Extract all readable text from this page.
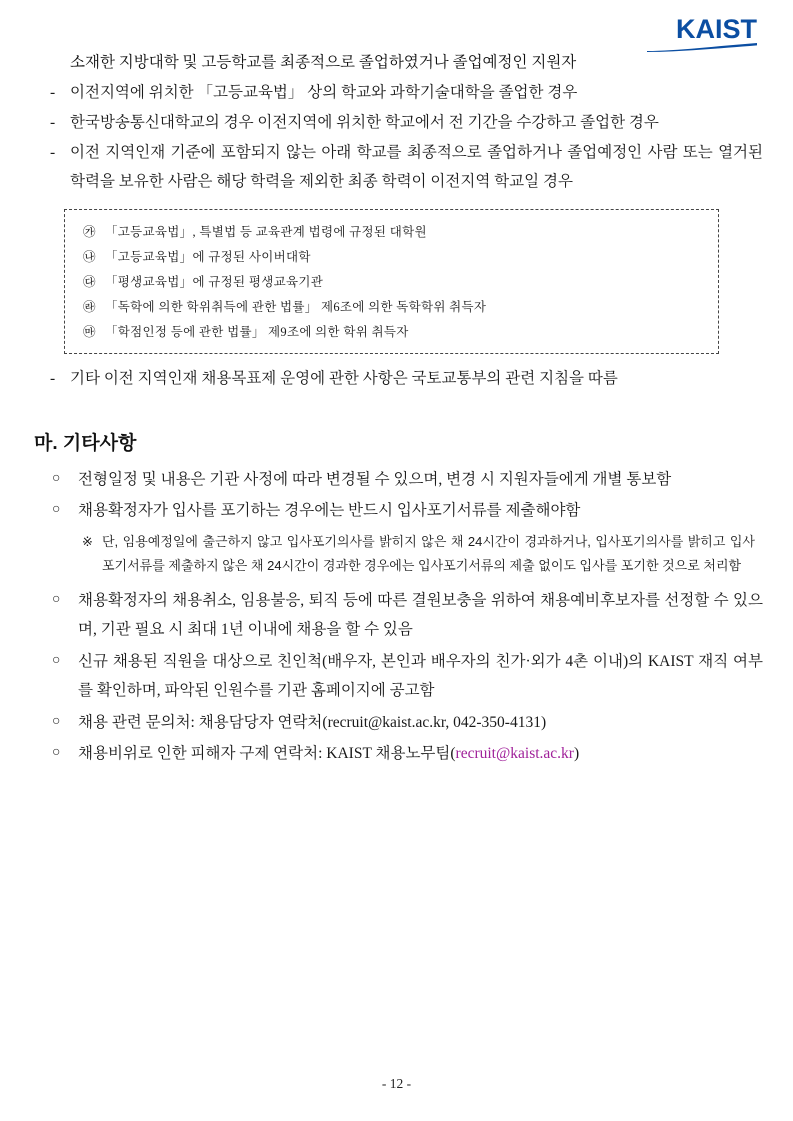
KAIST
소재한 지방대학 및 고등학교를 최종적으로 졸업하였거나 졸업예정인 지원자
- 이전지역에 위치한 「고등교육법」 상의 학교와 과학기술대학을 졸업한 경우
- 한국방송통신대학교의 경우 이전지역에 위치한 학교에서 전 기간을 수강하고 졸업한 경우
- 이전 지역인재 기준에 포함되지 않는 아래 학교를 최종적으로 졸업하거나 졸업예정인 사람 또는 열거된 학력을 보유한 사람은 해당 학력을 제외한 최종 학력이 이전지역 학교일 경우
㉮ 「고등교육법」, 특별법 등 교육관계 법령에 규정된 대학원
㉯ 「고등교육법」에 규정된 사이버대학
㉰ 「평생교육법」에 규정된 평생교육기관
㉱ 「독학에 의한 학위취득에 관한 법률」 제6조에 의한 독학학위 취득자
㉲ 「학점인정 등에 관한 법률」 제9조에 의한 학위 취득자
- 기타 이전 지역인재 채용목표제 운영에 관한 사항은 국토교통부의 관련 지침을 따름
마. 기타사항
○	전형일정 및 내용은 기관 사정에 따라 변경될 수 있으며, 변경 시 지원자들에게 개별 통보함
○	채용확정자가 입사를 포기하는 경우에는 반드시 입사포기서류를 제출해야함
※ 단, 임용예정일에 출근하지 않고 입사포기의사를 밝히지 않은 채 24시간이 경과하거나, 입사포기의사를 밝히고 입사포기서류를 제출하지 않은 채 24시간이 경과한 경우에는 입사포기서류의 제출 없이도 입사를 포기한 것으로 처리함
○	채용확정자의 채용취소, 임용불응, 퇴직 등에 따른 결원보충을 위하여 채용예비후보자를 선정할 수 있으며, 기관 필요 시 최대 1년 이내에 채용을 할 수 있음
○	신규 채용된 직원을 대상으로 친인척(배우자, 본인과 배우자의 친가·외가 4촌 이내)의 KAIST 재직 여부를 확인하며, 파악된 인원수를 기관 홈페이지에 공고함
○	채용 관련 문의처: 채용담당자 연락처(recruit@kaist.ac.kr, 042-350-4131)
○	채용비위로 인한 피해자 구제 연락처: KAIST 채용노무팀(recruit@kaist.ac.kr)
- 12 -
